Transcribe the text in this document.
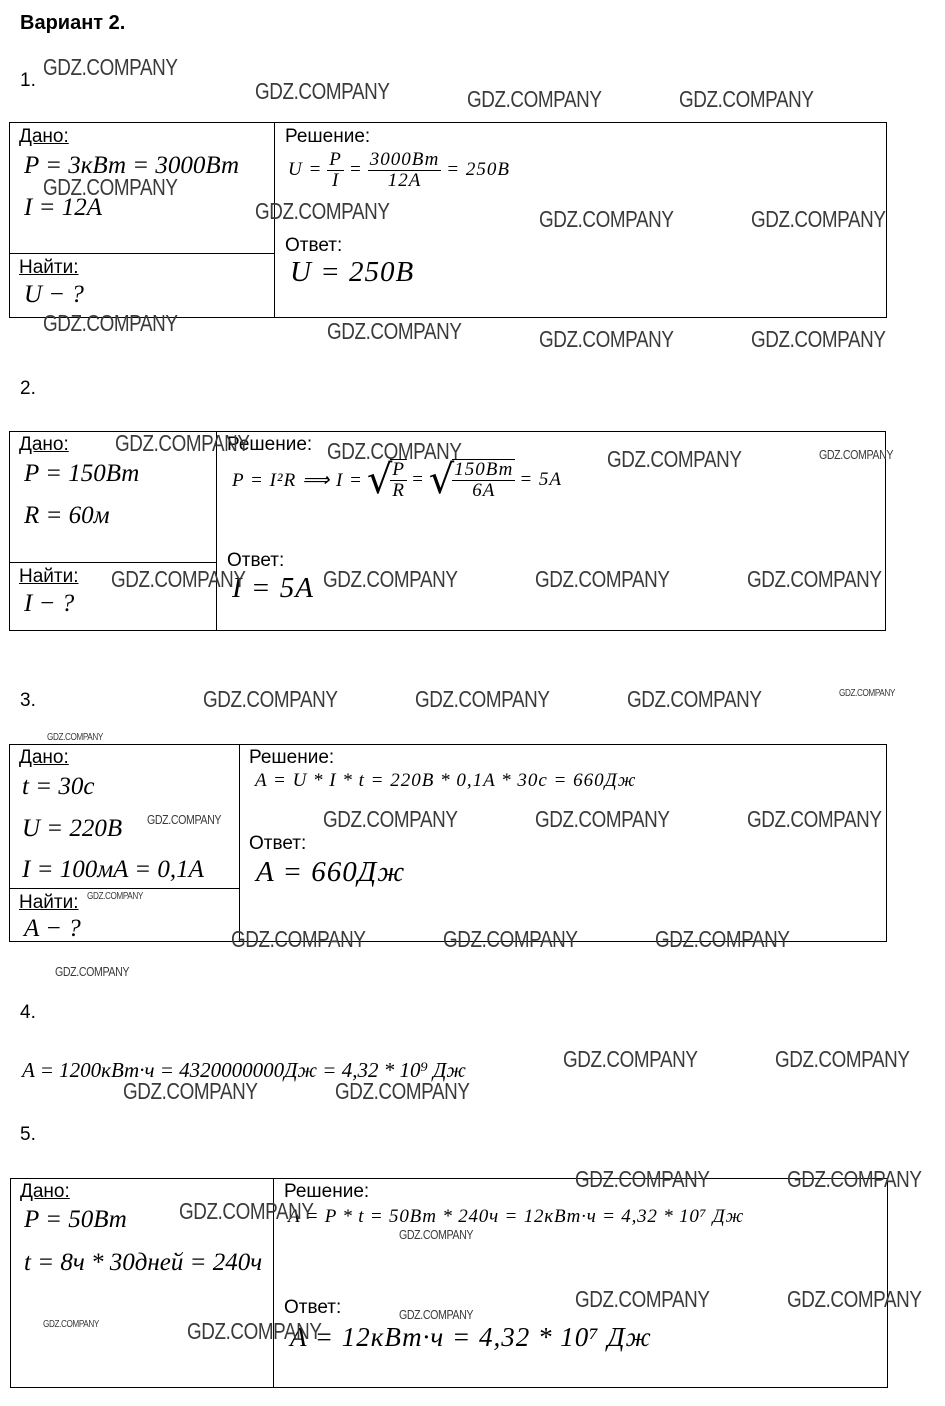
Вариант 2.
1.
Дано:
P = 3кВт = 3000Вт
I = 12A
Найти:
U − ?
Решение:
$U = \frac{P}{I} = \frac{3000Вт}{12A} = 250B$
Ответ:
U = 250B
2.
Дано:
P = 150Вт
R = 60м
Найти:
I − ?
Решение:
P = I²R ⟹ I = √
$\frac{P}{R}$ = √
$\frac{150Вт}{6A} = 5A$
Ответ:
I = 5A
3.
Дано:
t = 30c
U = 220B
I = 100мA = 0,1A
Найти:
A − ?
Решение:
A = U * I * t = 220B * 0,1A * 30c = 660Дж
Ответ:
A = 660Дж
4.
A = 1200кВт·ч = 4320000000Дж = 4,32 * 10⁹ Дж
5.
Дано:
P = 50Вт
t = 8ч * 30дней = 240ч
Решение:
A = P * t = 50Вт * 240ч = 12кВт·ч = 4,32 * 10⁷ Дж
Ответ:
A = 12кВт·ч = 4,32 * 10⁷ Дж
GDZ.COMPANY
GDZ.COMPANY	GDZ.COMPANY	GDZ.COMPANY
GDZ.COMPANY
GDZ.COMPANY	GDZ.COMPANY	GDZ.COMPANY
GDZ.COMPANY	GDZ.COMPANY	GDZ.COMPANY	GDZ.COMPANY
GDZ.COMPANY	GDZ.COMPANY	GDZ.COMPANY	GDZ.COMPANY
GDZ.COMPANY	GDZ.COMPANY	GDZ.COMPANY	GDZ.COMPANY
GDZ.COMPANY	GDZ.COMPANY	GDZ.COMPANY	GDZ.COMPANY
GDZ.COMPANY
GDZ.COMPANY	GDZ.COMPANY	GDZ.COMPANY	GDZ.COMPANY
GDZ.COMPANY
GDZ.COMPANY	GDZ.COMPANY	GDZ.COMPANY
GDZ.COMPANY
GDZ.COMPANY	GDZ.COMPANY
GDZ.COMPANY	GDZ.COMPANY
GDZ.COMPANY	GDZ.COMPANY
GDZ.COMPANY
GDZ.COMPANY
GDZ.COMPANY	GDZ.COMPANY
GDZ.COMPANY
GDZ.COMPANY	GDZ.COMPANY
